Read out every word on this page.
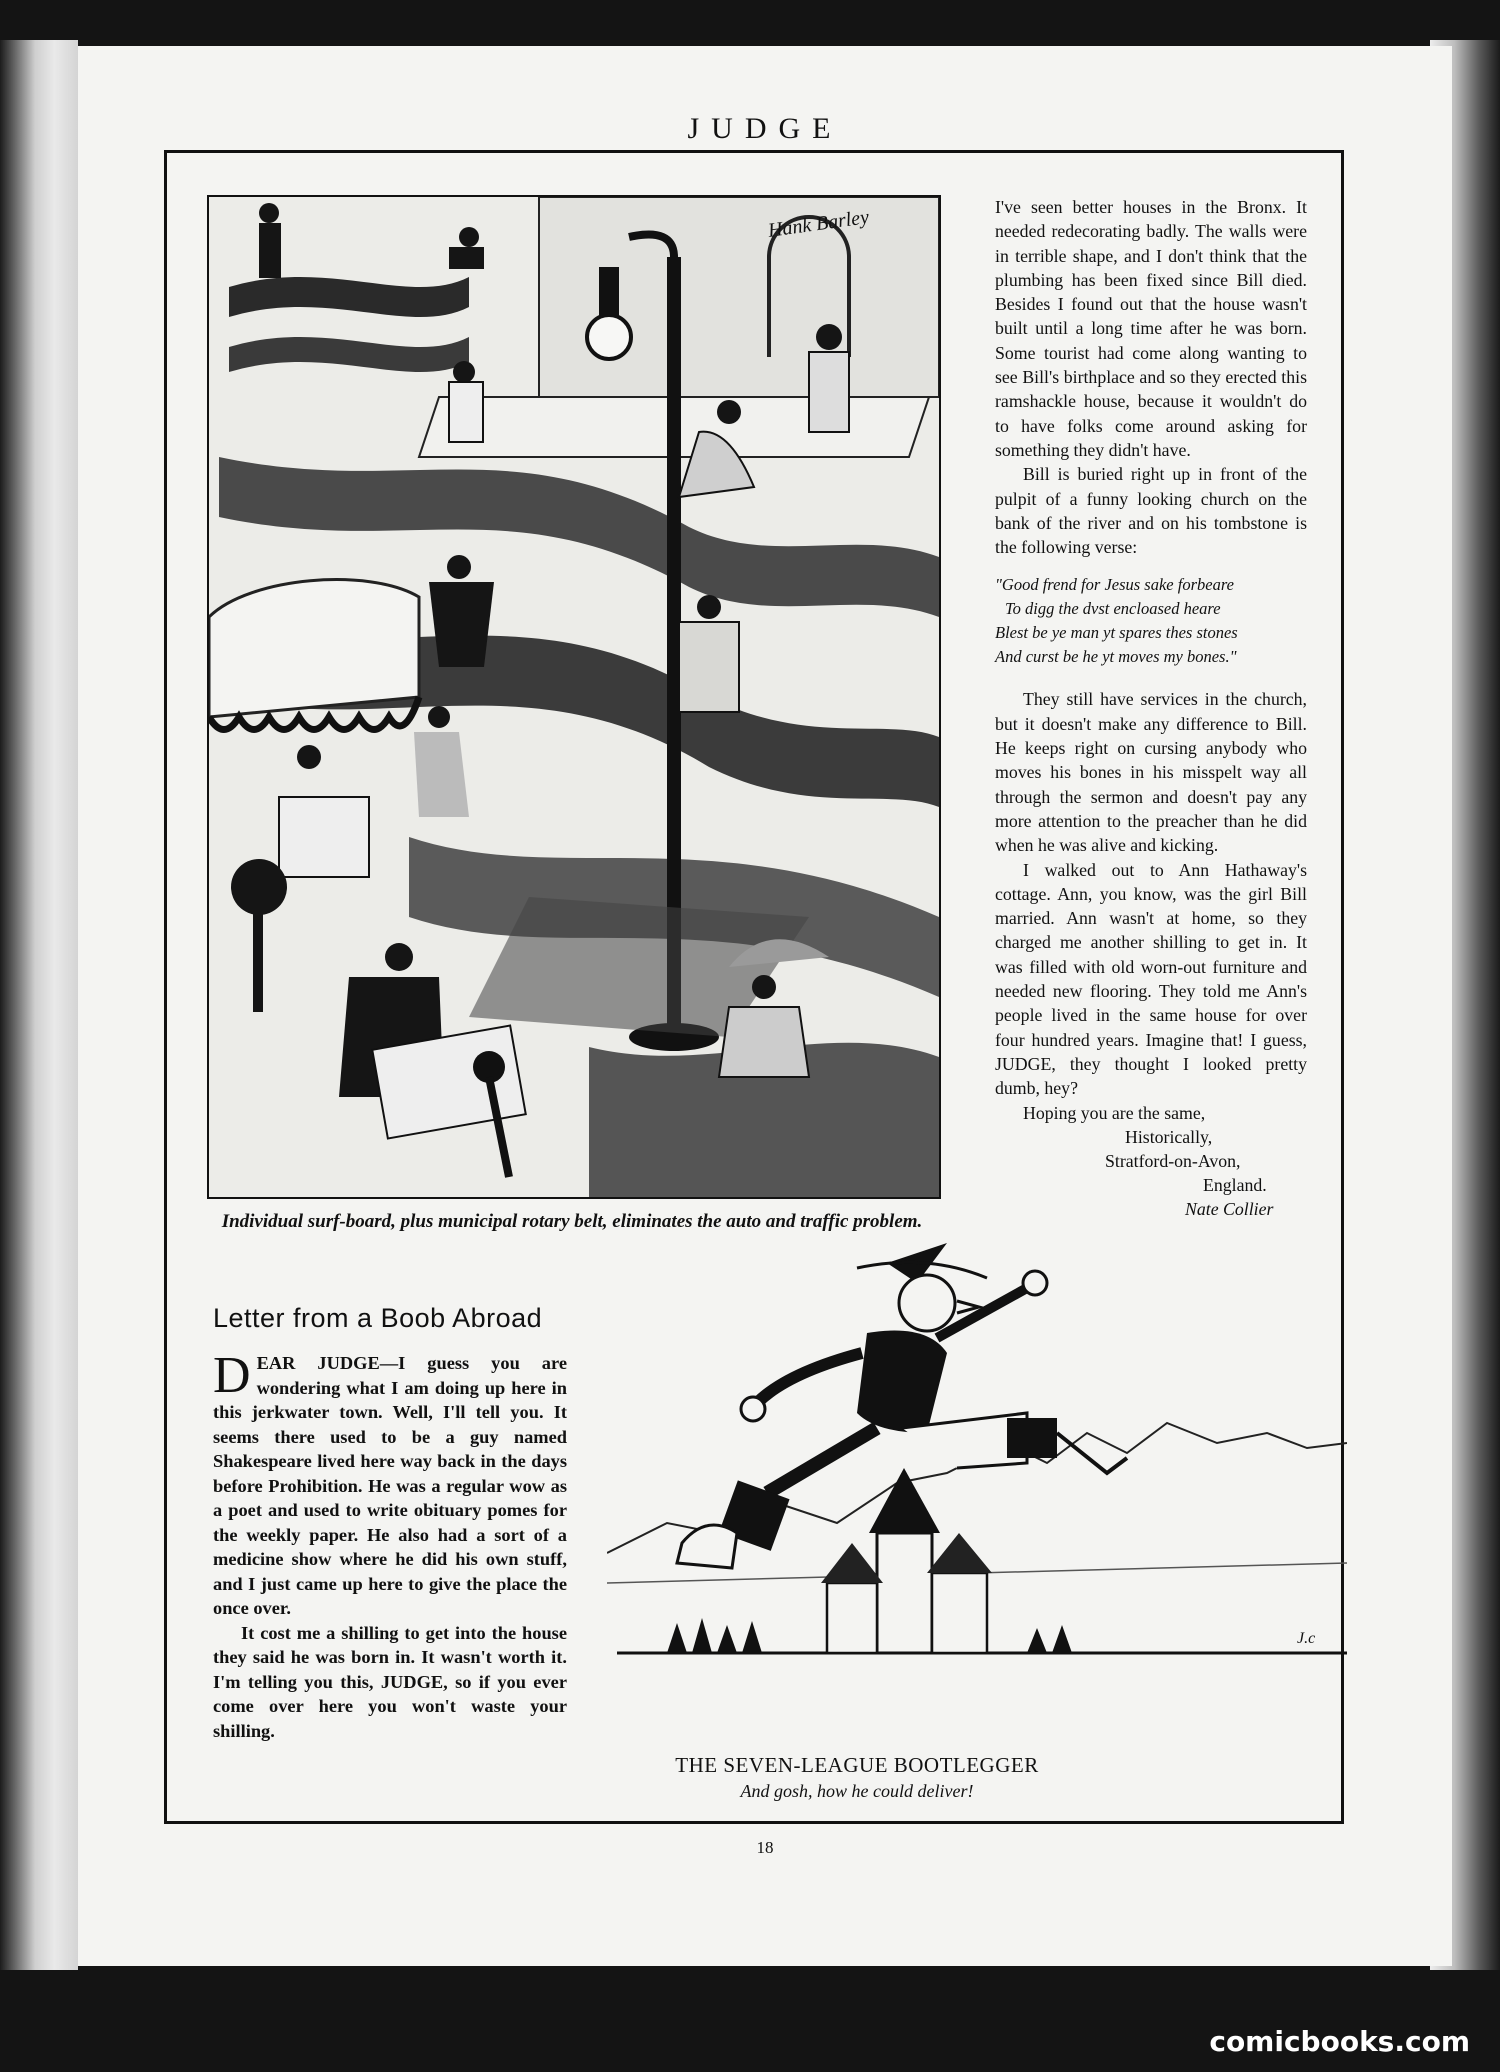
JUDGE
Hank Barley
Individual surf-board, plus municipal rotary belt, eliminates the auto and traffic problem.
Letter from a Boob Abroad

DEAR JUDGE—I guess you are wondering what I am doing up here in this jerkwater town. Well, I'll tell you. It seems there used to be a guy named Shakespeare lived here way back in the days before Prohibition. He was a regular wow as a poet and used to write obituary pomes for the weekly paper. He also had a sort of a medicine show where he did his own stuff, and I just came up here to give the place the once over.

It cost me a shilling to get into the house they said he was born in. It wasn't worth it. I'm telling you this, JUDGE, so if you ever come over here you won't waste your shilling.

I've seen better houses in the Bronx. It needed redecorating badly. The walls were in terrible shape, and I don't think that the plumbing has been fixed since Bill died. Besides I found out that the house wasn't built until a long time after he was born. Some tourist had come along wanting to see Bill's birthplace and so they erected this ramshackle house, because it wouldn't do to have folks come around asking for something they didn't have.

Bill is buried right up in front of the pulpit of a funny looking church on the bank of the river and on his tombstone is the following verse:

"Good frend for Jesus sake forbeare
To digg the dvst encloased heare
Blest be ye man yt spares thes stones
And curst be he yt moves my bones."

They still have services in the church, but it doesn't make any difference to Bill. He keeps right on cursing anybody who moves his bones in his misspelt way all through the sermon and doesn't pay any more attention to the preacher than he did when he was alive and kicking.

I walked out to Ann Hathaway's cottage. Ann, you know, was the girl Bill married. Ann wasn't at home, so they charged me another shilling to get in. It was filled with old worn-out furniture and needed new flooring. They told me Ann's people lived in the same house for over four hundred years. Imagine that! I guess, JUDGE, they thought I looked pretty dumb, hey?

Hoping you are the same,
Historically,
Stratford-on-Avon,
England.
Nate Collier
J.c
THE SEVEN-LEAGUE BOOTLEGGER
And gosh, how he could deliver!
18
comicbooks.com
